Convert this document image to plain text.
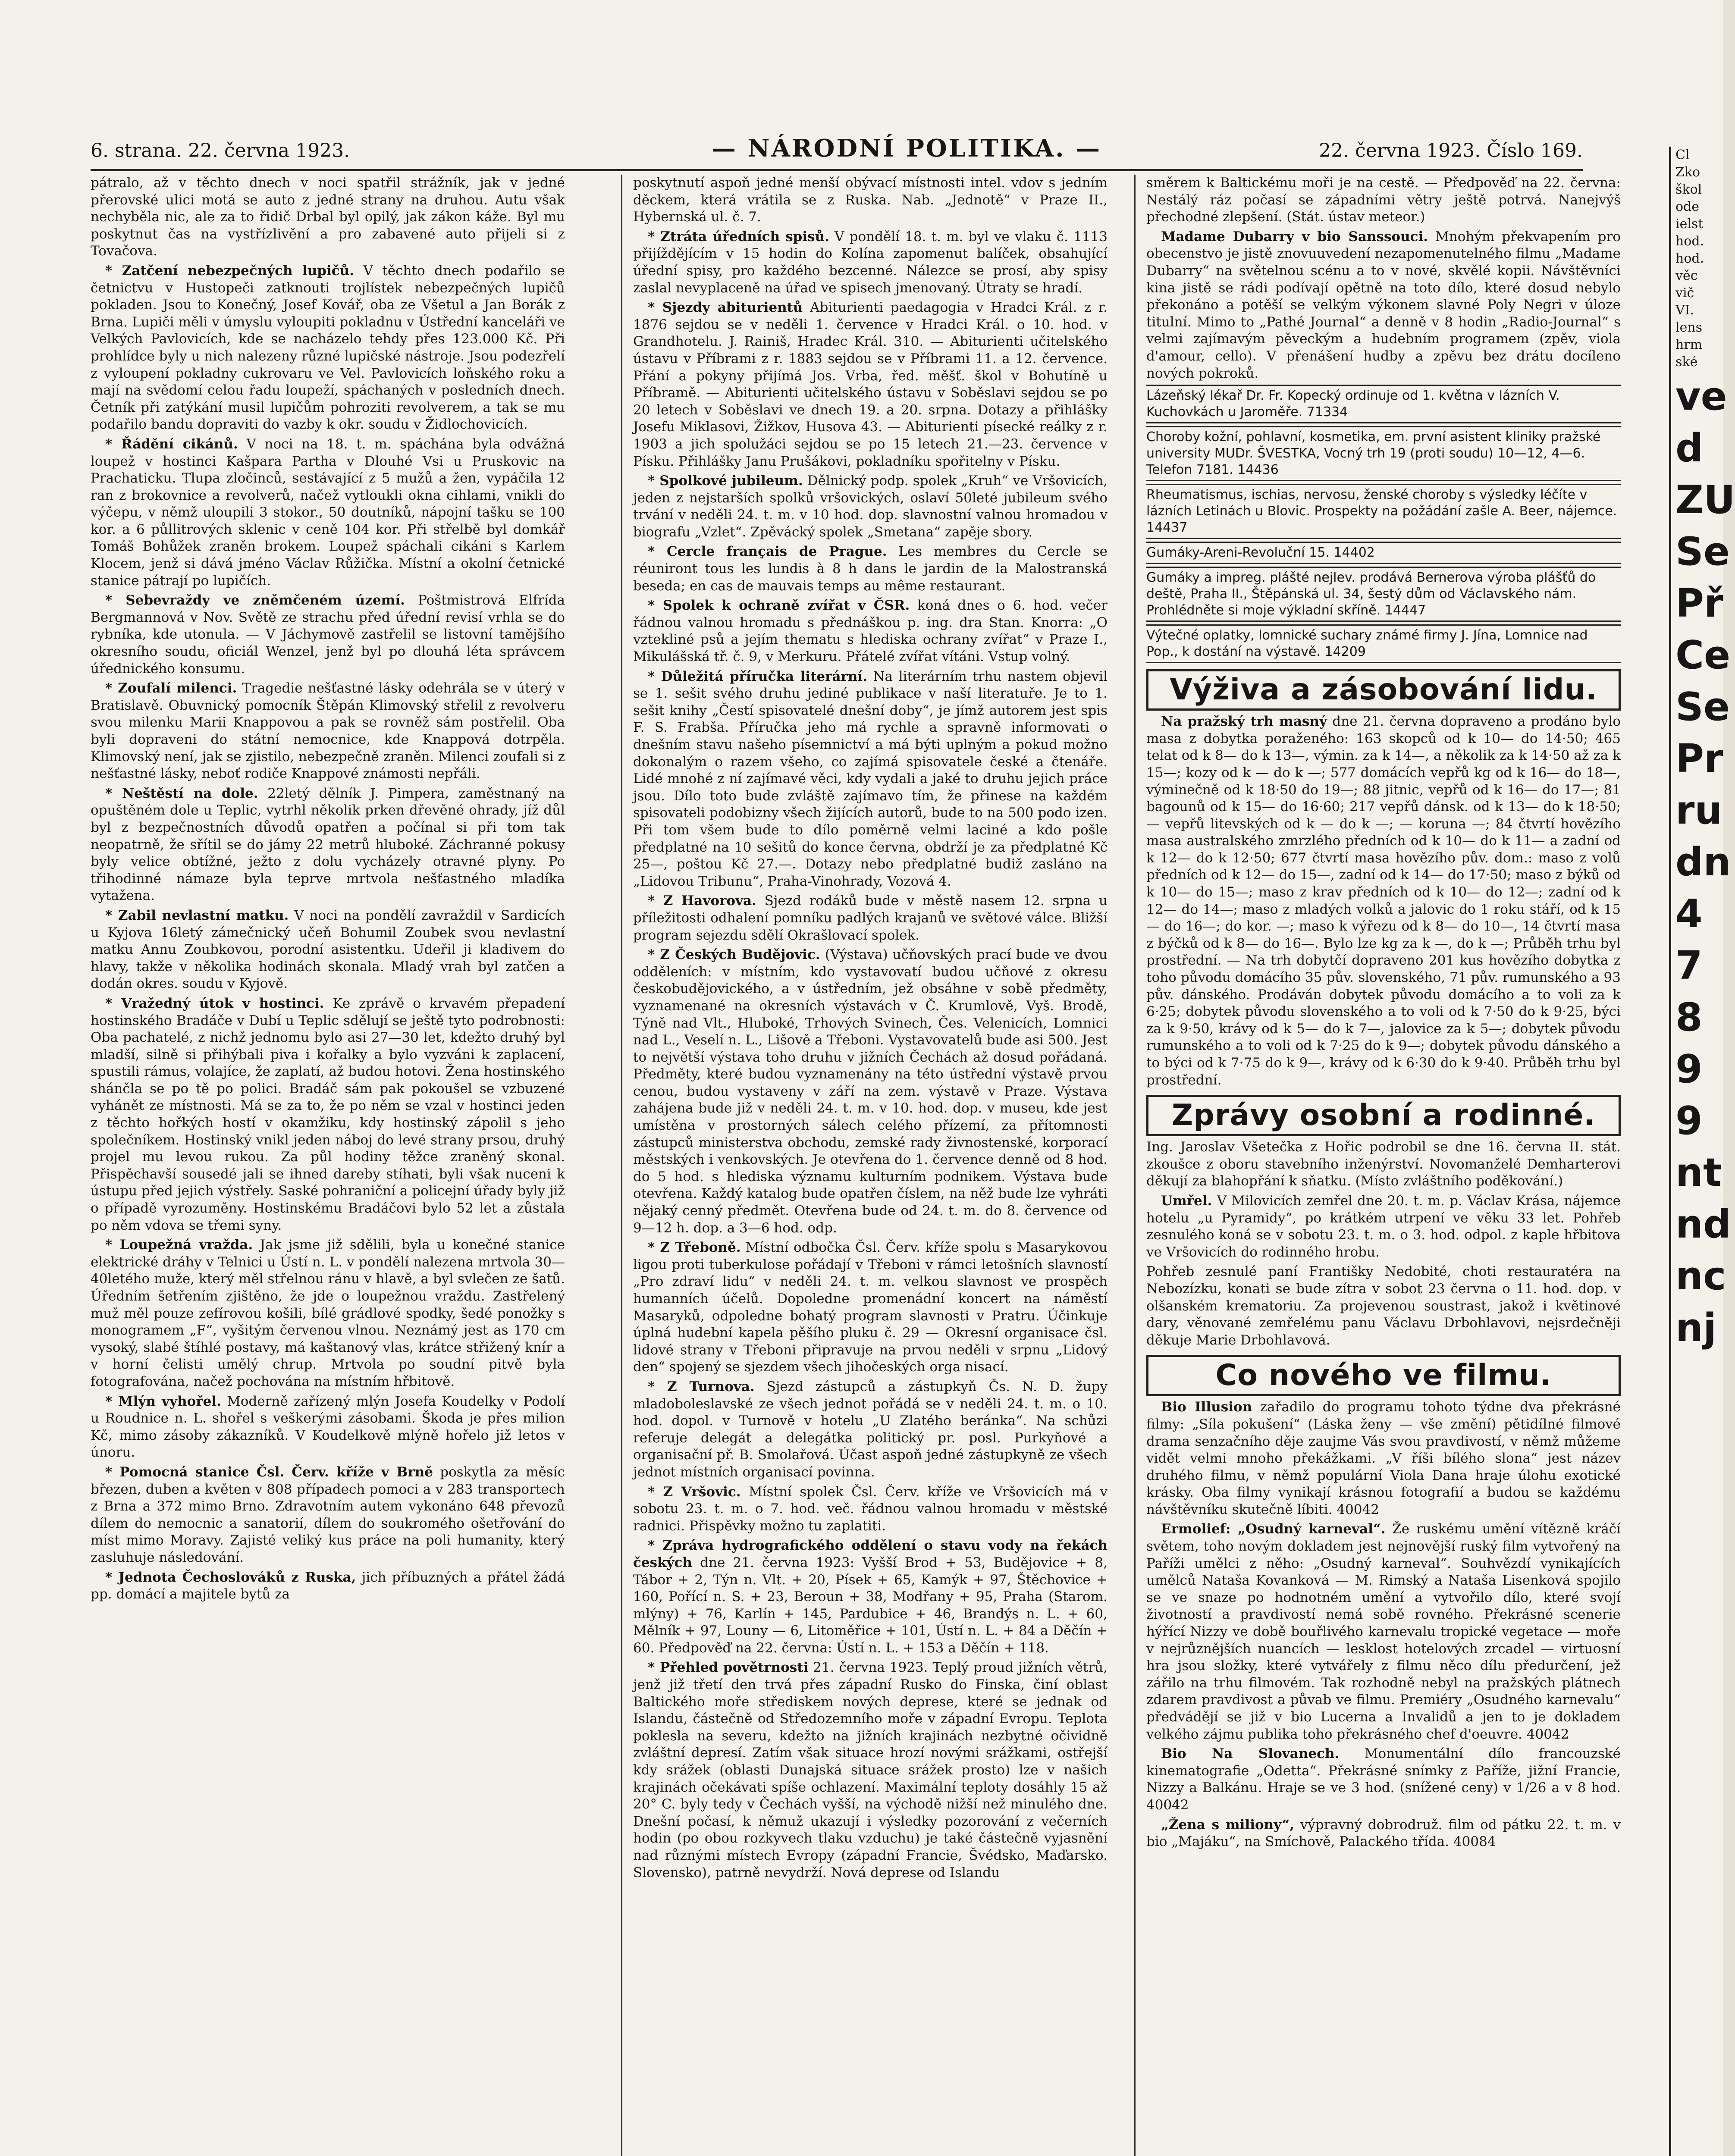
6. strana. 22. června 1923.	— NÁRODNÍ POLITIKA. —	22. června 1923. Číslo 169.

pátralo, až v těchto dnech v noci spatřil strážník, jak v jedné přerovské ulici motá se auto z jedné strany na druhou. Autu však nechyběla nic, ale za to řidič Drbal byl opilý, jak zákon káže. Byl mu poskytnut čas na vystřízlivění a pro zabavené auto přijeli si z Tovačova.

* Zatčení nebezpečných lupičů. V těchto dnech podařilo se četnictvu v Hustopeči zatknouti trojlístek nebezpečných lupičů pokladen. Jsou to Konečný, Josef Kovář, oba ze Všetul a Jan Borák z Brna. Lupiči měli v úmyslu vyloupiti pokladnu v Ústřední kanceláři ve Velkých Pavlovicích, kde se nacházelo tehdy přes 123.000 Kč. Při prohlídce byly u nich nalezeny různé lupičské nástroje. Jsou podezřelí z vyloupení pokladny cukrovaru ve Vel. Pavlovicích loňského roku a mají na svědomí celou řadu loupeží, spáchaných v posledních dnech. Četník při zatýkání musil lupičům pohroziti revolverem, a tak se mu podařilo bandu dopraviti do vazby k okr. soudu v Židlochovicích.

* Řádění cikánů. V noci na 18. t. m. spáchána byla odvážná loupež v hostinci Kašpara Partha v Dlouhé Vsi u Pruskovic na Prachaticku. Tlupa zločinců, sestávající z 5 mužů a žen, vypáčila 12 ran z brokovnice a revolverů, načež vytloukli okna cihlami, vnikli do výčepu, v němž uloupili 3 stokor., 50 doutníků, nápojní tašku se 100 kor. a 6 půllitrových sklenic v ceně 104 kor. Při střelbě byl domkář Tomáš Bohůžek zraněn brokem. Loupež spáchali cikáni s Karlem Klocem, jenž si dává jméno Václav Růžička. Místní a okolní četnické stanice pátrají po lupičích.

* Sebevraždy ve zněmčeném území. Poštmistrová Elfrída Bergmannová v Nov. Světě ze strachu před úřední revisí vrhla se do rybníka, kde utonula. — V Jáchymově zastřelil se listovní tamějšího okresního soudu, oficiál Wenzel, jenž byl po dlouhá léta správcem úřednického konsumu.

* Zoufalí milenci. Tragedie nešťastné lásky odehrála se v úterý v Bratislavě. Obuvnický pomocník Štěpán Klimovský střelil z revolveru svou milenku Marii Knappovou a pak se rovněž sám postřelil. Oba byli dopraveni do státní nemocnice, kde Knappová dotrpěla. Klimovský není, jak se zjistilo, nebezpečně zraněn. Milenci zoufali si z nešťastné lásky, neboť rodiče Knappové známosti nepřáli.

* Neštěstí na dole. 22letý dělník J. Pimpera, zaměstnaný na opuštěném dole u Teplic, vytrhl několik prken dřevěné ohrady, jíž důl byl z bezpečnostních důvodů opatřen a počínal si při tom tak neopatrně, že sřítil se do jámy 22 metrů hluboké. Záchranné pokusy byly velice obtížné, ježto z dolu vycházely otravné plyny. Po třihodinné námaze byla teprve mrtvola nešťastného mladíka vytažena.

* Zabil nevlastní matku. V noci na pondělí zavraždil v Sardicích u Kyjova 16letý zámečnický učeň Bohumil Zoubek svou nevlastní matku Annu Zoubkovou, porodní asistentku. Udeřil ji kladivem do hlavy, takže v několika hodinách skonala. Mladý vrah byl zatčen a dodán okres. soudu v Kyjově.

* Vražedný útok v hostinci. Ke zprávě o krvavém přepadení hostinského Bradáče v Dubí u Teplic sdělují se ještě tyto podrobnosti: Oba pachatelé, z nichž jednomu bylo asi 27—30 let, kdežto druhý byl mladší, silně si přihýbali piva i kořalky a bylo vyzváni k zaplacení, spustili rámus, volajíce, že zaplatí, až budou hotovi. Žena hostinského shánčla se po tě po polici. Bradáč sám pak pokoušel se vzbuzené vyhánět ze místnosti. Má se za to, že po něm se vzal v hostinci jeden z těchto hořkých hostí v okamžiku, kdy hostinský zápolil s jeho společníkem. Hostinský vnikl jeden náboj do levé strany prsou, druhý projel mu levou rukou. Za půl hodiny těžce zraněný skonal. Přispěchavší sousedé jali se ihned dareby stíhati, byli však nuceni k ústupu před jejich výstřely. Saské pohraniční a policejní úřady byly již o případě vyrozuměny. Hostinskému Bradáčovi bylo 52 let a zůstala po něm vdova se třemi syny.

* Loupežná vražda. Jak jsme již sdělili, byla u konečné stanice elektrické dráhy v Telnici u Ústí n. L. v pondělí nalezena mrtvola 30—40letého muže, který měl střelnou ránu v hlavě, a byl svlečen ze šatů. Úředním šetřením zjištěno, že jde o loupežnou vraždu. Zastřelený muž měl pouze zefírovou košili, bílé grádlové spodky, šedé ponožky s monogramem „F“, vyšitým červenou vlnou. Neznámý jest as 170 cm vysoký, slabé štíhlé postavy, má kaštanový vlas, krátce střižený knír a v horní čelisti umělý chrup. Mrtvola po soudní pitvě byla fotografována, načež pochována na místním hřbitově.

* Mlýn vyhořel. Moderně zařízený mlýn Josefa Koudelky v Podolí u Roudnice n. L. shořel s veškerými zásobami. Škoda je přes milion Kč, mimo zásoby zákazníků. V Koudelkově mlýně hořelo již letos v únoru.

* Pomocná stanice Čsl. Červ. kříže v Brně poskytla za měsíc březen, duben a květen v 808 případech pomoci a v 283 transportech z Brna a 372 mimo Brno. Zdravotním autem vykonáno 648 převozů dílem do nemocnic a sanatorií, dílem do soukromého ošetřování do míst mimo Moravy. Zajisté veliký kus práce na poli humanity, který zasluhuje následování.

* Jednota Čechoslováků z Ruska, jich příbuzných a přátel žádá pp. domácí a majitele bytů za

poskytnutí aspoň jedné menší obývací místnosti intel. vdov s jedním děckem, která vrátila se z Ruska. Nab. „Jednotě“ v Praze II., Hybernská ul. č. 7.

* Ztráta úředních spisů. V pondělí 18. t. m. byl ve vlaku č. 1113 přijíždějícím v 15 hodin do Kolína zapomenut balíček, obsahující úřední spisy, pro každého bezcenné. Nálezce se prosí, aby spisy zaslal nevyplaceně na úřad ve spisech jmenovaný. Útraty se hradí.

* Sjezdy abiturientů Abiturienti paedagogia v Hradci Král. z r. 1876 sejdou se v neděli 1. července v Hradci Král. o 10. hod. v Grandhotelu. J. Rainiš, Hradec Král. 310. — Abiturienti učitelského ústavu v Příbrami z r. 1883 sejdou se v Příbrami 11. a 12. července. Přání a pokyny přijímá Jos. Vrba, řed. měšť. škol v Bohutíně u Příbramě. — Abiturienti učitelského ústavu v Soběslavi sejdou se po 20 letech v Soběslavi ve dnech 19. a 20. srpna. Dotazy a přihlášky Josefu Miklasovi, Žižkov, Husova 43. — Abiturienti písecké reálky z r. 1903 a jich spolužáci sejdou se po 15 letech 21.—23. července v Písku. Přihlášky Janu Prušákovi, pokladníku spořitelny v Písku.

* Spolkové jubileum. Dělnický podp. spolek „Kruh“ ve Vršovicích, jeden z nejstarších spolků vršovických, oslaví 50leté jubileum svého trvání v neděli 24. t. m. v 10 hod. dop. slavnostní valnou hromadou v biografu „Vzlet“. Zpěvácký spolek „Smetana“ zapěje sbory.

* Cercle français de Prague. Les membres du Cercle se réuniront tous les lundis à 8 h dans le jardin de la Malostranská beseda; en cas de mauvais temps au même restaurant.

* Spolek k ochraně zvířat v ČSR. koná dnes o 6. hod. večer řádnou valnou hromadu s přednáškou p. ing. dra Stan. Knorra: „O vztekliné psů a jejím thematu s hlediska ochrany zvířat“ v Praze I., Mikulášská tř. č. 9, v Merkuru. Přátelé zvířat vítáni. Vstup volný.

* Důležitá příručka literární. Na literárním trhu nastem objevil se 1. sešit svého druhu jediné publikace v naší literatuře. Je to 1. sešit knihy „Čestí spisovatelé dnešní doby“, je jímž autorem jest spis F. S. Frabša. Příručka jeho má rychle a spravně informovati o dnešním stavu našeho písemnictví a má býti uplným a pokud možno dokonalým o razem všeho, co zajímá spisovatele české a čtenáře. Lidé mnohé z ní zajímavé věci, kdy vydali a jaké to druhu jejich práce jsou. Dílo toto bude zvláště zajímavo tím, že přinese na každém spisovateli podobizny všech žijících autorů, bude to na 500 podo izen. Při tom všem bude to dílo poměrně velmi laciné a kdo pošle předplatné na 10 sešitů do konce června, obdrží je za předplatné Kč 25—, poštou Kč 27.—. Dotazy nebo předplatné budiž zasláno na „Lidovou Tribunu“, Praha-Vinohrady, Vozová 4.

* Z Havorova. Sjezd rodáků bude v městě nasem 12. srpna u příležitosti odhalení pomníku padlých krajanů ve světové válce. Bližší program sejezdu sdělí Okrašlovací spolek.

* Z Českých Budějovic. (Výstava) učňovských prací bude ve dvou odděleních: v místním, kdo vystavovatí budou učňové z okresu českobudějovického, a v ústředním, jež obsáhne v sobě předměty, vyznamenané na okresních výstavách v Č. Krumlově, Vyš. Brodě, Týně nad Vlt., Hluboké, Trhových Svinech, Čes. Velenicích, Lomnici nad L., Veselí n. L., Lišově a Třeboni. Vystavovatelů bude asi 500. Jest to největší výstava toho druhu v jižních Čechách až dosud pořádaná. Předměty, které budou vyznamenány na této ústřední výstavě prvou cenou, budou vystaveny v září na zem. výstavě v Praze. Výstava zahájena bude již v neděli 24. t. m. v 10. hod. dop. v museu, kde jest umístěna v prostorných sálech celého přízemí, za přítomnosti zástupců ministerstva obchodu, zemské rady živnostenské, korporací městských i venkovských. Je otevřena do 1. července denně od 8 hod. do 5 hod. s hlediska významu kulturním podnikem. Výstava bude otevřena. Každý katalog bude opatřen číslem, na něž bude lze vyhráti nějaký cenný předmět. Otevřena bude od 24. t. m. do 8. července od 9—12 h. dop. a 3—6 hod. odp.

* Z Třeboně. Místní odbočka Čsl. Červ. kříže spolu s Masarykovou ligou proti tuberkulose pořádají v Třeboni v rámci letošních slavností „Pro zdraví lidu“ v neděli 24. t. m. velkou slavnost ve prospěch humanních účelů. Dopoledne promenádní koncert na náměstí Masaryků, odpoledne bohatý program slavnosti v Pratru. Účinkuje úplná hudební kapela pěšího pluku č. 29 — Okresní organisace čsl. lidové strany v Třeboni připravuje na prvou neděli v srpnu „Lidový den“ spojený se sjezdem všech jihočeských orga nisací.

* Z Turnova. Sjezd zástupců a zástupkyň Čs. N. D. župy mladoboleslavské ze všech jednot pořádá se v neděli 24. t. m. o 10. hod. dopol. v Turnově v hotelu „U Zlatého beránka“. Na schůzi referuje delegát a delegátka politický pr. posl. Purkyňové a organisační př. B. Smolařová. Účast aspoň jedné zástupkyně ze všech jednot místních organisací povinna.

* Z Vršovic. Místní spolek Čsl. Červ. kříže ve Vršovicích má v sobotu 23. t. m. o 7. hod. več. řádnou valnou hromadu v městské radnici. Přispěvky možno tu zaplatiti.

* Zpráva hydrografického oddělení o stavu vody na řekách českých dne 21. června 1923: Vyšší Brod + 53, Budějovice + 8, Tábor + 2, Týn n. Vlt. + 20, Písek + 65, Kamýk + 97, Štěchovice + 160, Pořící n. S. + 23, Beroun + 38, Modřany + 95, Praha (Starom. mlýny) + 76, Karlín + 145, Pardubice + 46, Brandýs n. L. + 60, Mělník + 97, Louny — 6, Litoměřice + 101, Ústí n. L. + 84 a Děčín + 60. Předpověď na 22. června: Ústí n. L. + 153 a Děčín + 118.

* Přehled povětrnosti 21. června 1923. Teplý proud jižních větrů, jenž již třetí den trvá přes západní Rusko do Finska, činí oblast Baltického moře střediskem nových deprese, které se jednak od Islandu, částečně od Středozemního moře v západní Evropu. Teplota poklesla na severu, kdežto na jižních krajinách nezbytné očividně zvláštní depresí. Zatím však situace hrozí novými srážkami, ostřejší kdy srážek (oblasti Dunajská situace srážek prosto) lze v našich krajinách očekávati spíše ochlazení. Maximální teploty dosáhly 15 až 20° C. byly tedy v Čechách vyšší, na východě nižší než minulého dne. Dnešní počasí, k němuž ukazují i výsledky pozorování z večerních hodin (po obou rozkyvech tlaku vzduchu) je také částečně vyjasnění nad různými místech Evropy (západní Francie, Švédsko, Maďarsko. Slovensko), patrně nevydrží. Nová deprese od Islandu

směrem k Baltickému moři je na cestě. — Předpověď na 22. června: Nestálý ráz počasí se západními větry ještě potrvá. Nanejvýš přechodné zlepšení. (Stát. ústav meteor.)

Madame Dubarry v bio Sanssouci. Mnohým překvapením pro obecenstvo je jistě znovuuvedení nezapomenutelného filmu „Madame Dubarry“ na světelnou scénu a to v nové, skvělé kopii. Návštěvníci kina jistě se rádi podívají opětně na toto dílo, které dosud nebylo překonáno a potěší se velkým výkonem slavné Poly Negri v úloze titulní. Mimo to „Pathé Journal“ a denně v 8 hodin „Radio-Journal“ s velmi zajímavým pěveckým a hudebním programem (zpěv, viola d'amour, cello). V přenášení hudby a zpěvu bez drátu docíleno nových pokroků.

Lázeňský lékař Dr. Fr. Kopecký ordinuje od 1. května v lázních V. Kuchovkách u Jaroměře. 71334
Choroby kožní, pohlavní, kosmetika, em. první asistent kliniky pražské university MUDr. ŠVESTKA, Vocný trh 19 (proti soudu) 10—12, 4—6. Telefon 7181. 14436
Rheumatismus, ischias, nervosu, ženské choroby s výsledky léčíte v lázních Letinách u Blovic. Prospekty na požádání zašle A. Beer, nájemce. 14437
Gumáky-Areni-Revoluční 15. 14402
Gumáky a impreg. plášté nejlev. prodává Bernerova výroba plášťů do deště, Praha II., Štěpánská ul. 34, šestý dům od Václavského nám. Prohlédněte si moje výkladní skříně. 14447
Výtečné oplatky, lomnické suchary známé firmy J. Jína, Lomnice nad Pop., k dostání na výstavě. 14209
Výživa a zásobování lidu.

Na pražský trh masný dne 21. června dopraveno a prodáno bylo masa z dobytka poraženého: 163 skopců od k 10— do 14·50; 465 telat od k 8— do k 13—, výmin. za k 14—, a několik za k 14·50 až za k 15—; kozy od k — do k —; 577 domácích vepřů kg od k 16— do 18—, výminečně od k 18·50 do 19—; 88 jitnic, vepřů od k 16— do 17—; 81 bagounů od k 15— do 16·60; 217 vepřů dánsk. od k 13— do k 18·50; — vepřů litevských od k — do k —; — koruna —; 84 čtvrtí hovězího masa australského zmrzlého předních od k 10— do k 11— a zadní od k 12— do k 12·50; 677 čtvrtí masa hovězího pův. dom.: maso z volů předních od k 12— do 15—, zadní od k 14— do 17·50; maso z býků od k 10— do 15—; maso z krav předních od k 10— do 12—; zadní od k 12— do 14—; maso z mladých volků a jalovic do 1 roku stáří, od k 15— do 16—; do kor. —; maso k výřezu od k 8— do 10—, 14 čtvrtí masa z býčků od k 8— do 16—. Bylo lze kg za k —, do k —; Průběh trhu byl prostřední. — Na trh dobytčí dopraveno 201 kus hovězího dobytka z toho původu domácího 35 pův. slovenského, 71 pův. rumunského a 93 pův. dánského. Prodáván dobytek původu domácího a to voli za k 6·25; dobytek původu slovenského a to voli od k 7·50 do k 9·25, býci za k 9·50, krávy od k 5— do k 7—, jalovice za k 5—; dobytek původu rumunského a to voli od k 7·25 do k 9—; dobytek původu dánského a to býci od k 7·75 do k 9—, krávy od k 6·30 do k 9·40. Průběh trhu byl prostřední.

Zprávy osobní a rodinné.

Ing. Jaroslav Všetečka z Hořic podrobil se dne 16. června II. stát. zkoušce z oboru stavebního inženýrství. Novomanželé Demharterovi děkují za blahopřání k sňatku. (Místo zvláštního poděkování.)

Umřel. V Milovicích zemřel dne 20. t. m. p. Václav Krása, nájemce hotelu „u Pyramidy“, po krátkém utrpení ve věku 33 let. Pohřeb zesnulého koná se v sobotu 23. t. m. o 3. hod. odpol. z kaple hřbitova ve Vršovicích do rodinného hrobu.

Pohřeb zesnulé paní Františky Nedobité, choti restauratéra na Nebozízku, konati se bude zítra v sobot 23 června o 11. hod. dop. v olšanském krematoriu. Za projevenou soustrast, jakož i květinové dary, věnované zemřelému panu Václavu Drbohlavovi, nejsrdečněji děkuje Marie Drbohlavová.

Co nového ve filmu.

Bio Illusion zařadilo do programu tohoto týdne dva překrásné filmy: „Síla pokušení“ (Láska ženy — vše změní) pětidílné filmové drama senzačního děje zaujme Vás svou pravdivostí, v němž můžeme vidět velmi mnoho překážkami. „V říši bílého slona“ jest název druhého filmu, v němž populární Viola Dana hraje úlohu exotické krásky. Oba filmy vynikají krásnou fotografií a budou se každému návštěvníku skutečně líbiti. 40042

Ermolief: „Osudný karneval“. Že ruskému umění vítězně kráčí světem, toho novým dokladem jest nejnovější ruský film vytvořený na Paříži umělci z něho: „Osudný karneval“. Souhvězdí vynikajících umělců Nataša Kovanková — M. Rimský a Nataša Lisenková spojilo se ve snaze po hodnotném umění a vytvořilo dílo, které svojí životností a pravdivostí nemá sobě rovného. Překrásné scenerie hýřící Nizzy ve době bouřlivého karnevalu tropické vegetace — moře v nejrůznějších nuancích — lesklost hotelových zrcadel — virtuosní hra jsou složky, které vytvářely z filmu něco dílu předurčení, jež zářilo na trhu filmovém. Tak rozhodně nebyl na pražských plátnech zdarem pravdivost a půvab ve filmu. Premiéry „Osudného karnevalu“ předvádějí se již v bio Lucerna a Invalidů a jen to je dokladem velkého zájmu publika toho překrásného chef d'oeuvre. 40042

Bio Na Slovanech. Monumentální dílo francouzské kinematografie „Odetta“. Překrásné snímky z Paříže, jižní Francie, Nizzy a Balkánu. Hraje se ve 3 hod. (snížené ceny) v 1/26 a v 8 hod. 40042

„Žena s miliony“, výpravný dobrodruž. film od pátku 22. t. m. v bio „Majáku“, na Smíchově, Palackého třída. 40084

Cl
Zko
škol
ode
ielst
hod.
hod.
věc
vič
VI.
lens
hrm
ské
ve
d
ZU
Se
Př
Ce
Se
Pr
ru
dn
4
7
8
9
9
nt
nd
nc
nj
